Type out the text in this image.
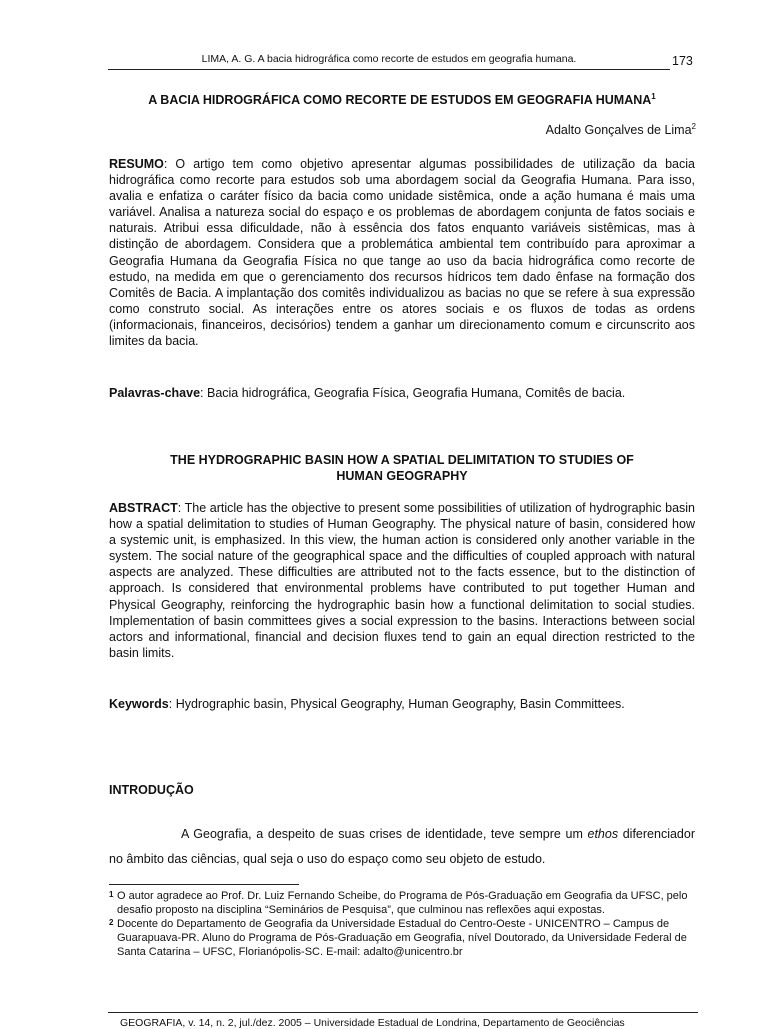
LIMA, A. G. A bacia hidrográfica como recorte de estudos em geografia humana.	173
A BACIA HIDROGRÁFICA COMO RECORTE DE ESTUDOS EM GEOGRAFIA HUMANA$^1$
Adalto Gonçalves de Lima$^2$
RESUMO: O artigo tem como objetivo apresentar algumas possibilidades de utilização da bacia hidrográfica como recorte para estudos sob uma abordagem social da Geografia Humana. Para isso, avalia e enfatiza o caráter físico da bacia como unidade sistêmica, onde a ação humana é mais uma variável. Analisa a natureza social do espaço e os problemas de abordagem conjunta de fatos sociais e naturais. Atribui essa dificuldade, não à essência dos fatos enquanto variáveis sistêmicas, mas à distinção de abordagem. Considera que a problemática ambiental tem contribuído para aproximar a Geografia Humana da Geografia Física no que tange ao uso da bacia hidrográfica como recorte de estudo, na medida em que o gerenciamento dos recursos hídricos tem dado ênfase na formação dos Comitês de Bacia. A implantação dos comitês individualizou as bacias no que se refere à sua expressão como construto social. As interações entre os atores sociais e os fluxos de todas as ordens (informacionais, financeiros, decisórios) tendem a ganhar um direcionamento comum e circunscrito aos limites da bacia.
Palavras-chave: Bacia hidrográfica, Geografia Física, Geografia Humana, Comitês de bacia.
THE HYDROGRAPHIC BASIN HOW A SPATIAL DELIMITATION TO STUDIES OF
HUMAN GEOGRAPHY
ABSTRACT: The article has the objective to present some possibilities of utilization of hydrographic basin how a spatial delimitation to studies of Human Geography. The physical nature of basin, considered how a systemic unit, is emphasized. In this view, the human action is considered only another variable in the system. The social nature of the geographical space and the difficulties of coupled approach with natural aspects are analyzed. These difficulties are attributed not to the facts essence, but to the distinction of approach. Is considered that environmental problems have contributed to put together Human and Physical Geography, reinforcing the hydrographic basin how a functional delimitation to social studies. Implementation of basin committees gives a social expression to the basins. Interactions between social actors and informational, financial and decision fluxes tend to gain an equal direction restricted to the basin limits.
Keywords: Hydrographic basin, Physical Geography, Human Geography, Basin Committees.
INTRODUÇÃO
A Geografia, a despeito de suas crises de identidade, teve sempre um ethos diferenciador no âmbito das ciências, qual seja o uso do espaço como seu objeto de estudo.

1 O autor agradece ao Prof. Dr. Luiz Fernando Scheibe, do Programa de Pós-Graduação em Geografia da UFSC, pelo desafio proposto na disciplina “Seminários de Pesquisa”, que culminou nas reflexões aqui expostas.

2 Docente do Departamento de Geografia da Universidade Estadual do Centro-Oeste - UNICENTRO – Campus de Guarapuava-PR. Aluno do Programa de Pós-Graduação em Geografia, nível Doutorado, da Universidade Federal de Santa Catarina – UFSC, Florianópolis-SC. E-mail: adalto@unicentro.br

GEOGRAFIA, v. 14, n. 2, jul./dez. 2005 – Universidade Estadual de Londrina, Departamento de Geociências
